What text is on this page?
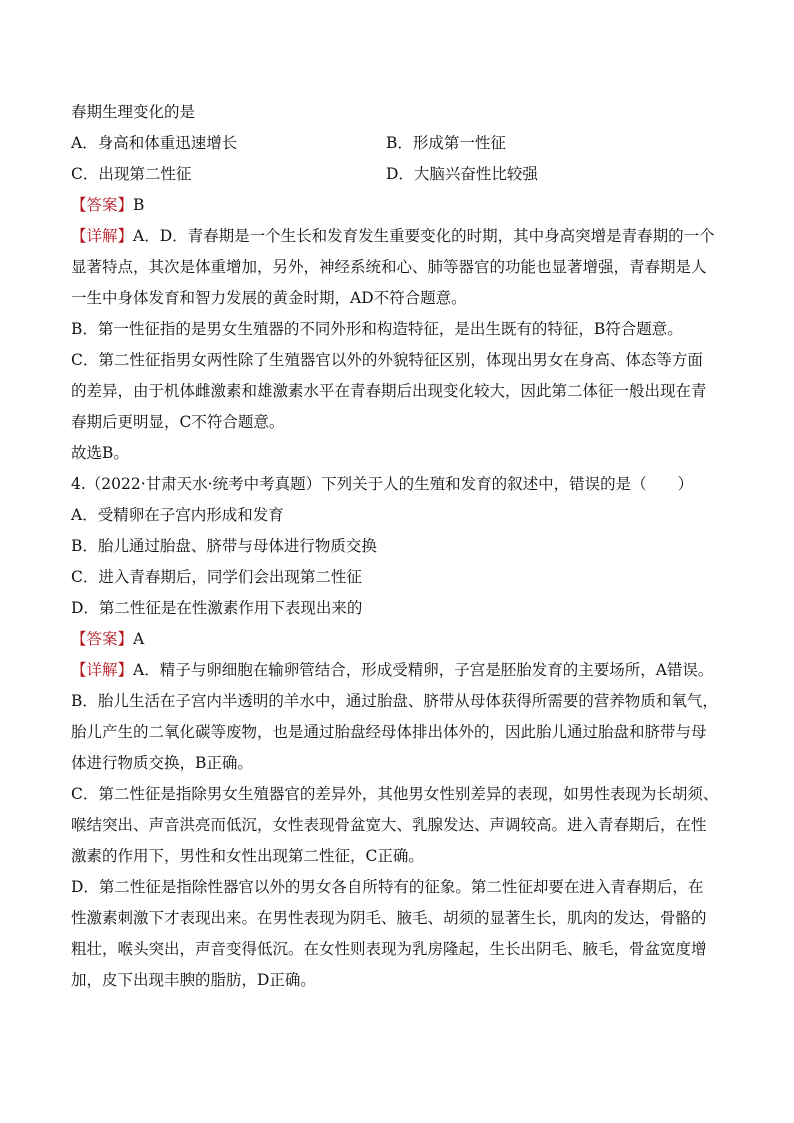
春期生理变化的是
A．身高和体重迅速增长	B．形成第一性征
C．出现第二性征	D．大脑兴奋性比较强
【答案】B
【详解】A．D．青春期是一个生长和发育发生重要变化的时期，其中身高突增是青春期的一个
显著特点，其次是体重增加，另外，神经系统和心、肺等器官的功能也显著增强，青春期是人
一生中身体发育和智力发展的黄金时期，AD不符合题意。
B．第一性征指的是男女生殖器的不同外形和构造特征，是出生既有的特征，B符合题意。
C．第二性征指男女两性除了生殖器官以外的外貌特征区别，体现出男女在身高、体态等方面
的差异，由于机体雌激素和雄激素水平在青春期后出现变化较大，因此第二体征一般出现在青
春期后更明显，C不符合题意。
故选B。
4.（2022·甘肃天水·统考中考真题）下列关于人的生殖和发育的叙述中，错误的是（　　）
A．受精卵在子宫内形成和发育
B．胎儿通过胎盘、脐带与母体进行物质交换
C．进入青春期后，同学们会出现第二性征
D．第二性征是在性激素作用下表现出来的
【答案】A
【详解】A．精子与卵细胞在输卵管结合，形成受精卵，子宫是胚胎发育的主要场所，A错误。
B．胎儿生活在子宫内半透明的羊水中，通过胎盘、脐带从母体获得所需要的营养物质和氧气，
胎儿产生的二氧化碳等废物，也是通过胎盘经母体排出体外的，因此胎儿通过胎盘和脐带与母
体进行物质交换，B正确。
C．第二性征是指除男女生殖器官的差异外，其他男女性别差异的表现，如男性表现为长胡须、
喉结突出、声音洪亮而低沉，女性表现骨盆宽大、乳腺发达、声调较高。进入青春期后，在性
激素的作用下，男性和女性出现第二性征，C正确。
D．第二性征是指除性器官以外的男女各自所特有的征象。第二性征却要在进入青春期后，在
性激素刺激下才表现出来。在男性表现为阴毛、腋毛、胡须的显著生长，肌肉的发达，骨骼的
粗壮，喉头突出，声音变得低沉。在女性则表现为乳房隆起，生长出阴毛、腋毛，骨盆宽度增
加，皮下出现丰腴的脂肪，D正确。
